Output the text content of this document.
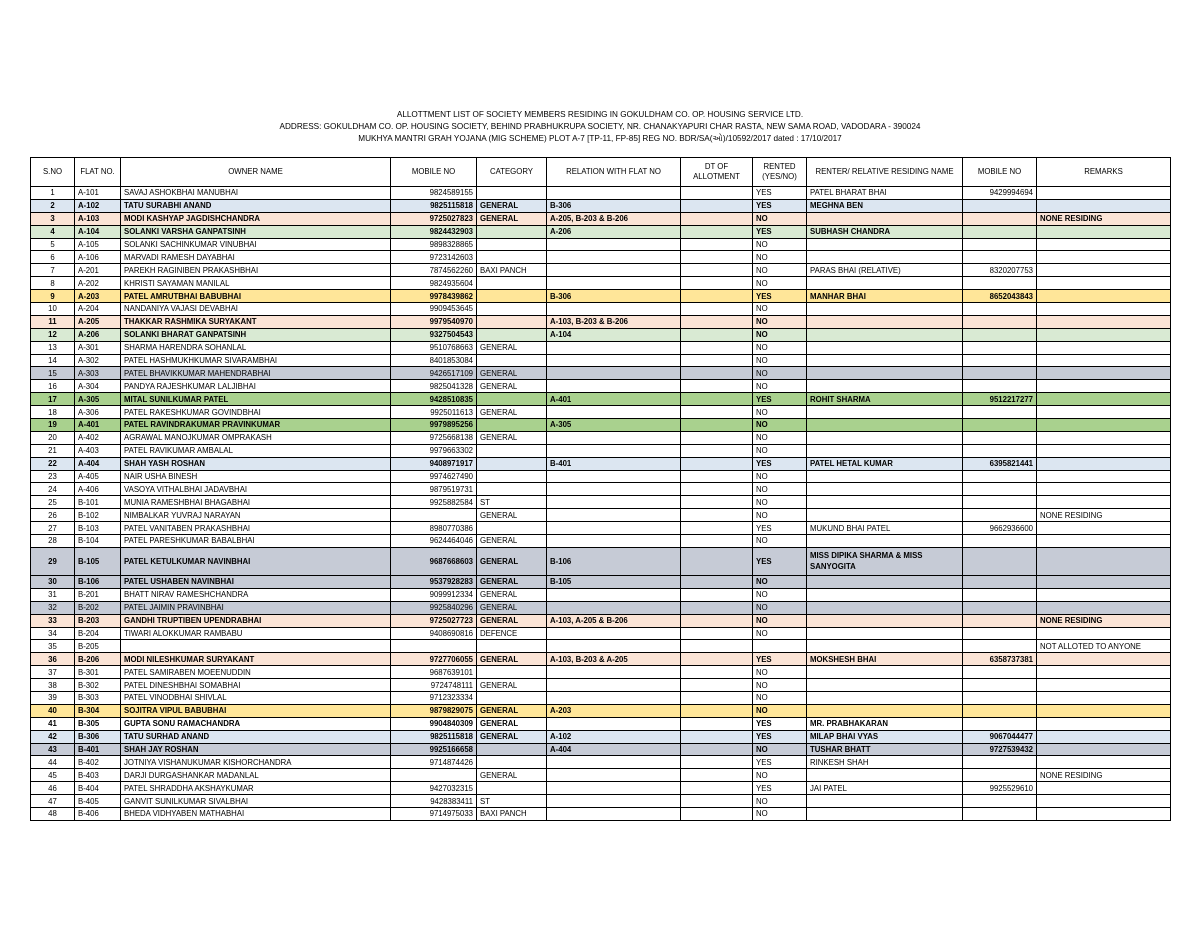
ALLOTTMENT LIST OF SOCIETY MEMBERS RESIDING IN GOKULDHAM CO. OP. HOUSING SERVICE LTD.
ADDRESS: GOKULDHAM CO. OP. HOUSING SOCIETY, BEHIND PRABHUKRUPA SOCIETY, NR. CHANAKYAPURI CHAR RASTA, NEW SAMA ROAD, VADODARA - 390024
MUKHYA MANTRI GRAH YOJANA (MIG SCHEME) PLOT A-7 [TP-11, FP-85] REG NO. BDR/SA(ઓ)/10592/2017 dated : 17/10/2017
S.NO	FLAT NO.	OWNER NAME	MOBILE NO	CATEGORY	RELATION WITH FLAT NO	DT OF ALLOTMENT	RENTED (YES/NO)	RENTER/ RELATIVE RESIDING NAME	MOBILE NO	REMARKS
1	A-101	SAVAJ ASHOKBHAI MANUBHAI	9824589155				YES	PATEL BHARAT BHAI	9429994694	
2	A-102	TATU SURABHI ANAND	9825115818	GENERAL	B-306		YES	MEGHNA BEN		
3	A-103	MODI KASHYAP JAGDISHCHANDRA	9725027823	GENERAL	A-205, B-203 & B-206		NO			NONE RESIDING
4	A-104	SOLANKI VARSHA GANPATSINH	9824432903		A-206		YES	SUBHASH CHANDRA		
5	A-105	SOLANKI SACHINKUMAR VINUBHAI	9898328865				NO			
6	A-106	MARVADI RAMESH DAYABHAI	9723142603				NO			
7	A-201	PAREKH RAGINIBEN PRAKASHBHAI	7874562260	BAXI PANCH			NO	PARAS BHAI (RELATIVE)	8320207753	
8	A-202	KHRISTI SAYAMAN MANILAL	9824935604				NO			
9	A-203	PATEL AMRUTBHAI BABUBHAI	9978439862		B-306		YES	MANHAR BHAI	8652043843	
10	A-204	NANDANIYA VAJASI DEVABHAI	9909453645				NO			
11	A-205	THAKKAR RASHMIKA SURYAKANT	9979540970		A-103, B-203 & B-206		NO			
12	A-206	SOLANKI BHARAT GANPATSINH	9327504543		A-104		NO			
13	A-301	SHARMA HARENDRA SOHANLAL	9510768663	GENERAL			NO			
14	A-302	PATEL HASHMUKHKUMAR SIVARAMBHAI	8401853084				NO			
15	A-303	PATEL BHAVIKKUMAR MAHENDRABHAI	9426517109	GENERAL			NO			
16	A-304	PANDYA RAJESHKUMAR LALJIBHAI	9825041328	GENERAL			NO			
17	A-305	MITAL SUNILKUMAR PATEL	9428510835		A-401		YES	ROHIT SHARMA	9512217277	
18	A-306	PATEL RAKESHKUMAR GOVINDBHAI	9925011613	GENERAL			NO			
19	A-401	PATEL RAVINDRAKUMAR PRAVINKUMAR	9979895256		A-305		NO			
20	A-402	AGRAWAL MANOJKUMAR OMPRAKASH	9725668138	GENERAL			NO			
21	A-403	PATEL RAVIKUMAR AMBALAL	9979663302				NO			
22	A-404	SHAH YASH ROSHAN	9408971917		B-401		YES	PATEL HETAL KUMAR	6395821441	
23	A-405	NAIR USHA BINESH	9974627490				NO			
24	A-406	VASOYA VITHALBHAI JADAVBHAI	9879519731				NO			
25	B-101	MUNIA RAMESHBHAI BHAGABHAI	9925882584	ST			NO			
26	B-102	NIMBALKAR YUVRAJ NARAYAN		GENERAL			NO			NONE RESIDING
27	B-103	PATEL VANITABEN PRAKASHBHAI	8980770386				YES	MUKUND BHAI PATEL	9662936600	
28	B-104	PATEL PARESHKUMAR BABALBHAI	9624464046	GENERAL			NO			
29	B-105	PATEL KETULKUMAR NAVINBHAI	9687668603	GENERAL	B-106		YES	MISS DIPIKA SHARMA & MISS SANYOGITA		
30	B-106	PATEL USHABEN NAVINBHAI	9537928283	GENERAL	B-105		NO			
31	B-201	BHATT NIRAV RAMESHCHANDRA	9099912334	GENERAL			NO			
32	B-202	PATEL JAIMIN PRAVINBHAI	9925840296	GENERAL			NO			
33	B-203	GANDHI TRUPTIBEN UPENDRABHAI	9725027723	GENERAL	A-103, A-205 & B-206		NO			NONE RESIDING
34	B-204	TIWARI ALOKKUMAR RAMBABU	9408690816	DEFENCE			NO			
35	B-205									NOT ALLOTED TO ANYONE
36	B-206	MODI NILESHKUMAR SURYAKANT	9727706055	GENERAL	A-103, B-203 & A-205		YES	MOKSHESH BHAI	6358737381	
37	B-301	PATEL SAMIRABEN MOEENUDDIN	9687639101				NO			
38	B-302	PATEL DINESHBHAI SOMABHAI	9724748111	GENERAL			NO			
39	B-303	PATEL VINODBHAI SHIVLAL	9712323334				NO			
40	B-304	SOJITRA VIPUL BABUBHAI	9879829075	GENERAL	A-203		NO			
41	B-305	GUPTA SONU RAMACHANDRA	9904840309	GENERAL			YES	MR. PRABHAKARAN		
42	B-306	TATU SURHAD ANAND	9825115818	GENERAL	A-102		YES	MILAP BHAI VYAS	9067044477	
43	B-401	SHAH JAY ROSHAN	9925166658		A-404		NO	TUSHAR BHATT	9727539432	
44	B-402	JOTNIYA VISHANUKUMAR KISHORCHANDRA	9714874426				YES	RINKESH SHAH		
45	B-403	DARJI DURGASHANKAR MADANLAL		GENERAL			NO			NONE RESIDING
46	B-404	PATEL SHRADDHA AKSHAYKUMAR	9427032315				YES	JAI PATEL	9925529610	
47	B-405	GANVIT SUNILKUMAR SIVALBHAI	9428383411	ST			NO			
48	B-406	BHEDA VIDHYABEN MATHABHAI	9714975033	BAXI PANCH			NO			
